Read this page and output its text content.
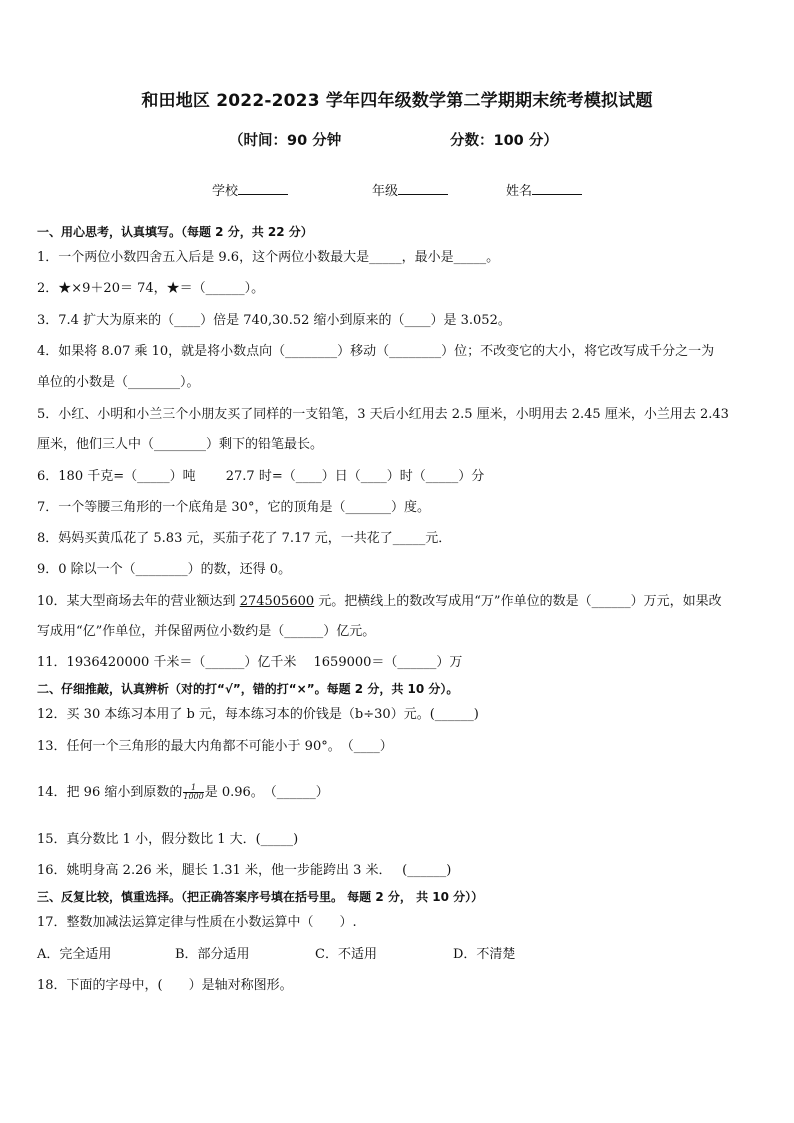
和田地区 2022-2023 学年四年级数学第二学期期末统考模拟试题
（时间：90 分钟	分数：100 分）
学校	年级	姓名
一、用心思考，认真填写。（每题 2 分，共 22 分）
1．一个两位小数四舍五入后是 9.6，这个两位小数最大是_____，最小是_____。
2．★×9＋20＝ 74，★＝（______）。
3．7.4 扩大为原来的（____）倍是 740,30.52 缩小到原来的（____）是 3.052。
4．如果将 8.07 乘 10，就是将小数点向（________）移动（________）位；不改变它的大小，将它改写成千分之一为
单位的小数是（________）。
5．小红、小明和小兰三个小朋友买了同样的一支铅笔，3 天后小红用去 2.5 厘米，小明用去 2.45 厘米，小兰用去 2.43
厘米，他们三人中（________）剩下的铅笔最长。
6．180 千克=（_____）吨　　 27.7 时=（____）日（____）时（_____）分
7．一个等腰三角形的一个底角是 30°，它的顶角是（_______）度。
8．妈妈买黄瓜花了 5.83 元，买茄子花了 7.17 元，一共花了_____元．
9．0 除以一个（________）的数，还得 0。
10．某大型商场去年的营业额达到 274505600 元。把横线上的数改写成用“万”作单位的数是（______）万元，如果改
写成用“亿”作单位，并保留两位小数约是（______）亿元。
11．1936420000 千米＝（______）亿千米　 1659000＝（______）万
二、仔细推敲，认真辨析（对的打“√”，错的打“×”。每题 2 分，共 10 分）。
12．买 30 本练习本用了 b 元，每本练习本的价钱是（b÷30）元。(______)
13．任何一个三角形的最大内角都不可能小于 90°。　（____）
14．把 96 缩小到原数的 $\frac{1}{1000}$ 是 0.96。　（______）
15．真分数比 1 小，假分数比 1 大．(_____)
16．姚明身高 2.26 米，腿长 1.31 米，他一步能跨出 3 米．　 (______)
三、反复比较，慎重选择。（把正确答案序号填在括号里。 每题 2 分， 共 10 分））
17．整数加减法运算定律与性质在小数运算中（　　）.
A．完全适用	B．部分适用	C．不适用	D．不清楚
18．下面的字母中，(　　）是轴对称图形。
